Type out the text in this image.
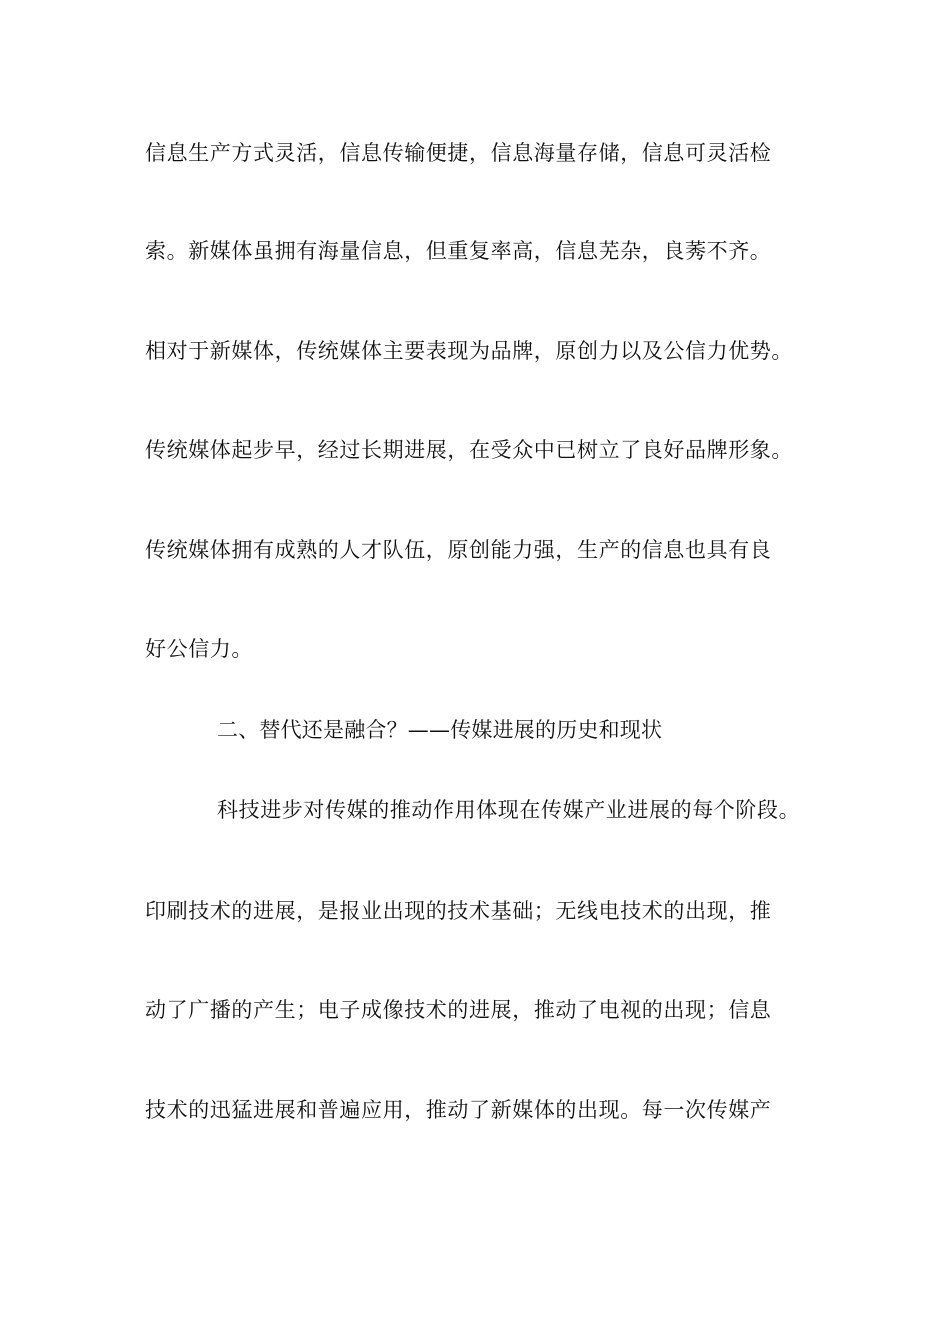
信息生产方式灵活，信息传输便捷，信息海量存储，信息可灵活检
索。新媒体虽拥有海量信息，但重复率高，信息芜杂，良莠不齐。
相对于新媒体，传统媒体主要表现为品牌，原创力以及公信力优势。
传统媒体起步早，经过长期进展，在受众中已树立了良好品牌形象。
传统媒体拥有成熟的人才队伍，原创能力强，生产的信息也具有良
好公信力。
二、替代还是融合？——传媒进展的历史和现状
科技进步对传媒的推动作用体现在传媒产业进展的每个阶段。
印刷技术的进展，是报业出现的技术基础；无线电技术的出现，推
动了广播的产生；电子成像技术的进展，推动了电视的出现；信息
技术的迅猛进展和普遍应用，推动了新媒体的出现。每一次传媒产
